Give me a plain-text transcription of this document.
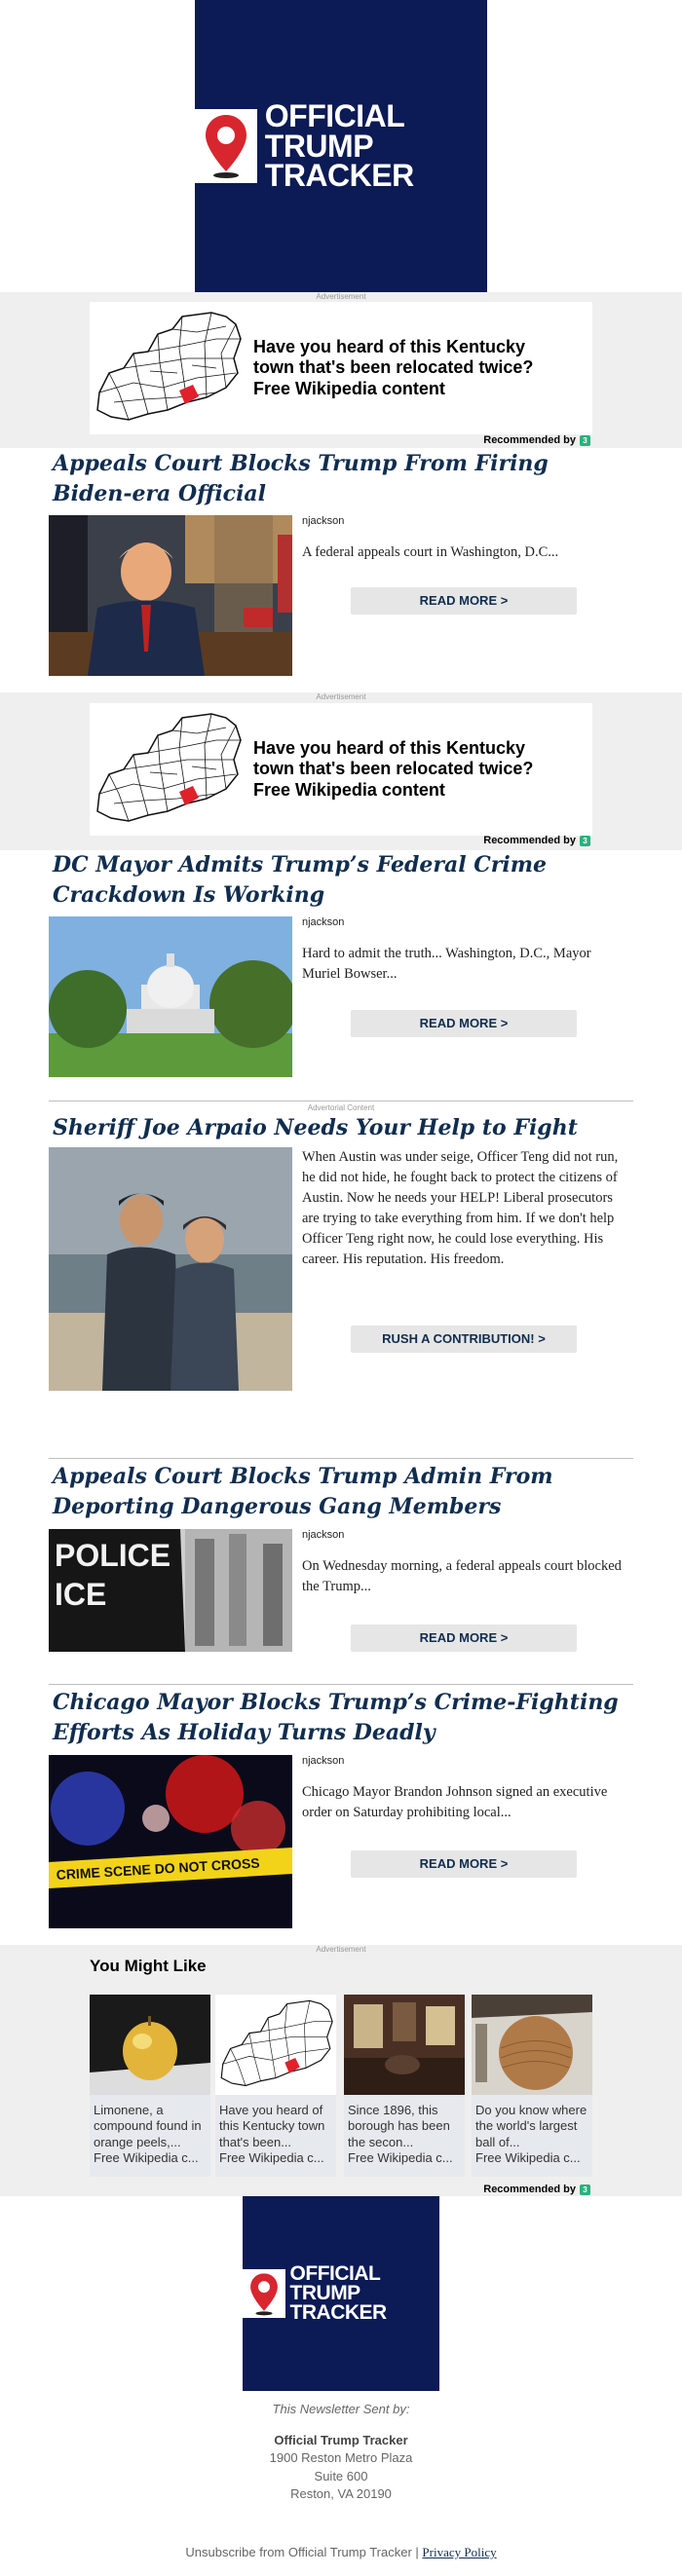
OFFICIAL
TRUMP TRACKER
Advertisement
Have you heard of this Kentucky town that's been relocated twice? Free Wikipedia content
Recommended by 3
Appeals Court Blocks Trump From Firing Biden-era Official
njackson
A federal appeals court in Washington, D.C...
READ MORE >
Advertisement
Have you heard of this Kentucky town that's been relocated twice? Free Wikipedia content
Recommended by 3
DC Mayor Admits Trump’s Federal Crime Crackdown Is Working
njackson
Hard to admit the truth... Washington, D.C., Mayor Muriel Bowser...
READ MORE >
Advertorial Content
Sheriff Joe Arpaio Needs Your Help to Fight
When Austin was under seige, Officer Teng did not run, he did not hide, he fought back to protect the citizens of Austin. Now he needs your HELP! Liberal prosecutors are trying to take everything from him. If we don't help Officer Teng right now, he could lose everything. His career. His reputation. His freedom.
RUSH A CONTRIBUTION! >
Appeals Court Blocks Trump Admin From Deporting Dangerous Gang Members
POLICE
ICE
njackson
On Wednesday morning, a federal appeals court blocked the Trump...
READ MORE >
Chicago Mayor Blocks Trump’s Crime-Fighting Efforts As Holiday Turns Deadly
CRIME SCENE DO NOT CROSS
njackson
Chicago Mayor Brandon Johnson signed an executive order on Saturday prohibiting local...
READ MORE >
Advertisement
You Might Like
Limonene, a compound found in orange peels,...
Free Wikipedia c...
Have you heard of this Kentucky town that's been...
Free Wikipedia c...
Since 1896, this borough has been the secon...
Free Wikipedia c...
Do you know where the world's largest ball of...
Free Wikipedia c...
Recommended by 3
OFFICIAL
TRUMP TRACKER
This Newsletter Sent by:
Official Trump Tracker
1900 Reston Metro Plaza
Suite 600
Reston, VA 20190
Unsubscribe from Official Trump Tracker | Privacy Policy
